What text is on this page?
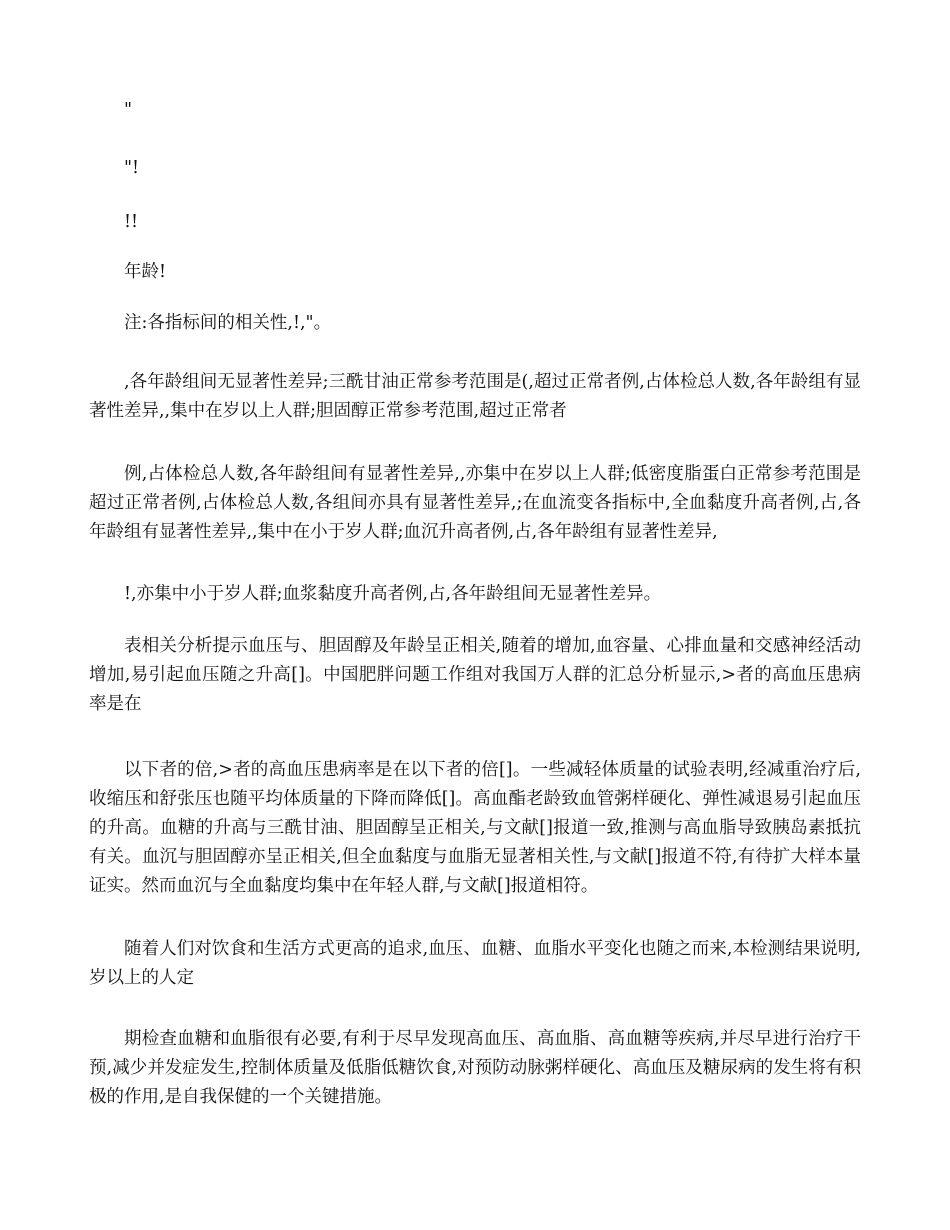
"

"!

!!

年龄!

注:各指标间的相关性,!,"。

,各年龄组间无显著性差异;三酰甘油正常参考范围是(,超过正常者例,占体检总人数,各年龄组有显著性差异,,集中在岁以上人群;胆固醇正常参考范围,超过正常者

例,占体检总人数,各年龄组间有显著性差异,,亦集中在岁以上人群;低密度脂蛋白正常参考范围是超过正常者例,占体检总人数,各组间亦具有显著性差异,;在血流变各指标中,全血黏度升高者例,占,各年龄组有显著性差异,,集中在小于岁人群;血沉升高者例,占,各年龄组有显著性差异,

!,亦集中小于岁人群;血浆黏度升高者例,占,各年龄组间无显著性差异。

表相关分析提示血压与、胆固醇及年龄呈正相关,随着的增加,血容量、心排血量和交感神经活动增加,易引起血压随之升高[]。中国肥胖问题工作组对我国万人群的汇总分析显示,>者的高血压患病率是在

以下者的倍,>者的高血压患病率是在以下者的倍[]。一些减轻体质量的试验表明,经减重治疗后,收缩压和舒张压也随平均体质量的下降而降低[]。高血酯老龄致血管粥样硬化、弹性减退易引起血压的升高。血糖的升高与三酰甘油、胆固醇呈正相关,与文献[]报道一致,推测与高血脂导致胰岛素抵抗有关。血沉与胆固醇亦呈正相关,但全血黏度与血脂无显著相关性,与文献[]报道不符,有待扩大样本量证实。然而血沉与全血黏度均集中在年轻人群,与文献[]报道相符。

随着人们对饮食和生活方式更高的追求,血压、血糖、血脂水平变化也随之而来,本检测结果说明,岁以上的人定

期检查血糖和血脂很有必要,有利于尽早发现高血压、高血脂、高血糖等疾病,并尽早进行治疗干预,减少并发症发生,控制体质量及低脂低糖饮食,对预防动脉粥样硬化、高血压及糖尿病的发生将有积极的作用,是自我保健的一个关键措施。
